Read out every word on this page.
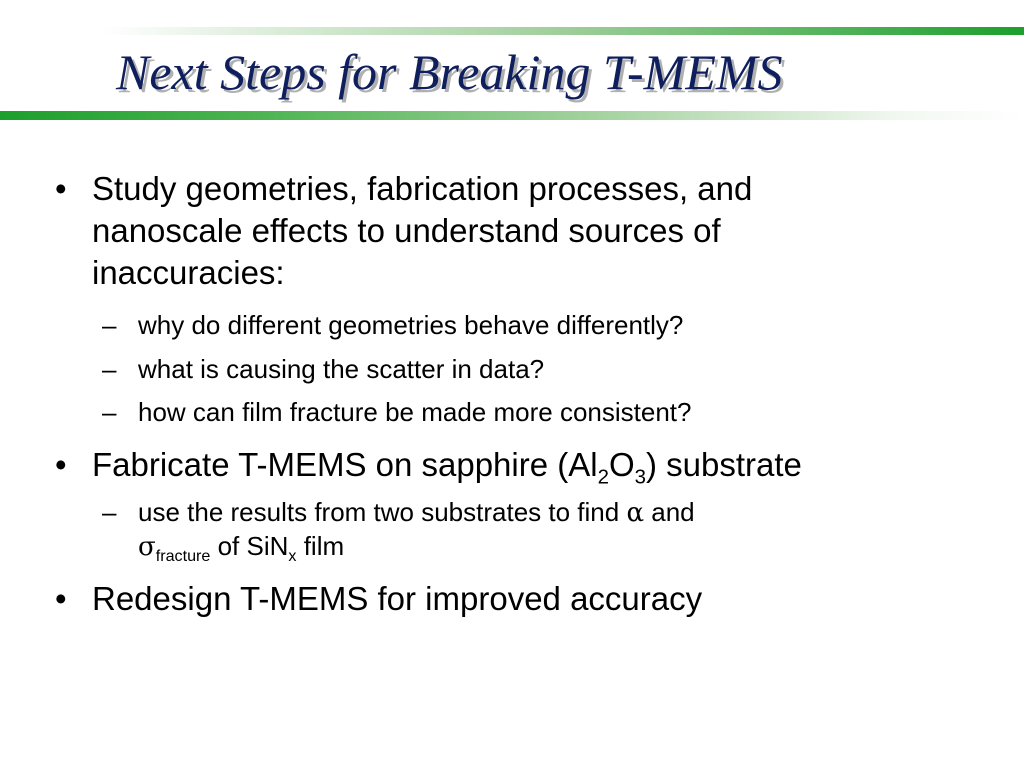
Next Steps for Breaking T-MEMS
• Study geometries, fabrication processes, and
nanoscale effects to understand sources of
inaccuracies:
– why do different geometries behave differently?
– what is causing the scatter in data?
– how can film fracture be made more consistent?
• Fabricate T-MEMS on sapphire $(Al_2O_3)$ substrate
– use the results from two substrates to find α and
$\sigma_{fracture}$ of SiN$_x$ film
• Redesign T-MEMS for improved accuracy
